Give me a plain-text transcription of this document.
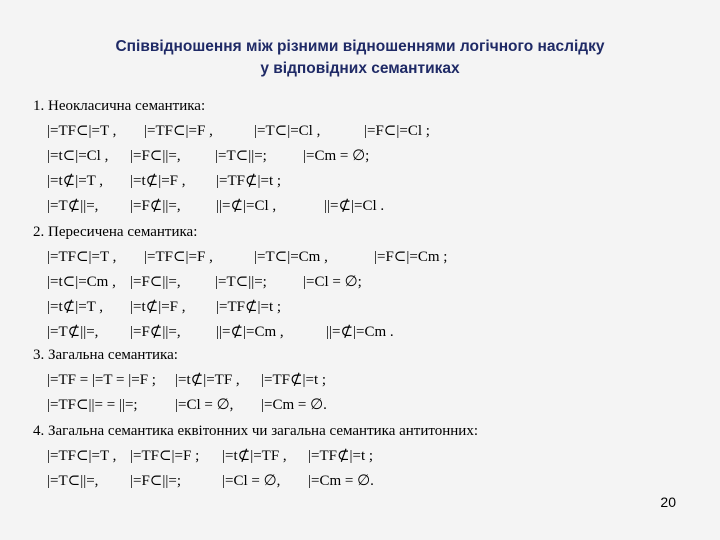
Співвідношення між різними відношеннями логічного наслідку
у відповідних семантиках
1. Неокласична семантика:
|=TF⊂|=T , |=TF⊂|=F ,	|=T⊂|=Cl ,	|=F⊂|=Cl ;
|=t⊂|=Cl , |=F⊂||=, |=T⊂||=; |=Cm = ∅;
|=t⊄|=T , |=t⊄|=F , |=TF⊄|=t ;
|=T⊄||=, |=F⊄||=, ||=⊄|=Cl ,	||=⊄|=Cl .
2. Пересичена семантика:
|=TF⊂|=T , |=TF⊂|=F ,	|=T⊂|=Cm ,	|=F⊂|=Cm ;
|=t⊂|=Cm , |=F⊂||=, |=T⊂||=; |=Cl = ∅;
|=t⊄|=T , |=t⊄|=F , |=TF⊄|=t ;
|=T⊄||=, |=F⊄||=, ||=⊄|=Cm ,	||=⊄|=Cm .
3. Загальна семантика:
|=TF = |=T = |=F ; |=t⊄|=TF , |=TF⊄|=t ;
|=TF⊂||= = ||=; |=Cl = ∅, |=Cm = ∅.
4. Загальна семантика еквітонних чи загальна семантика антитонних:
|=TF⊂|=T , |=TF⊂|=F ; |=t⊄|=TF , |=TF⊄|=t ;
|=T⊂||=, |=F⊂||=;	|=Cl = ∅, |=Cm = ∅.
20
